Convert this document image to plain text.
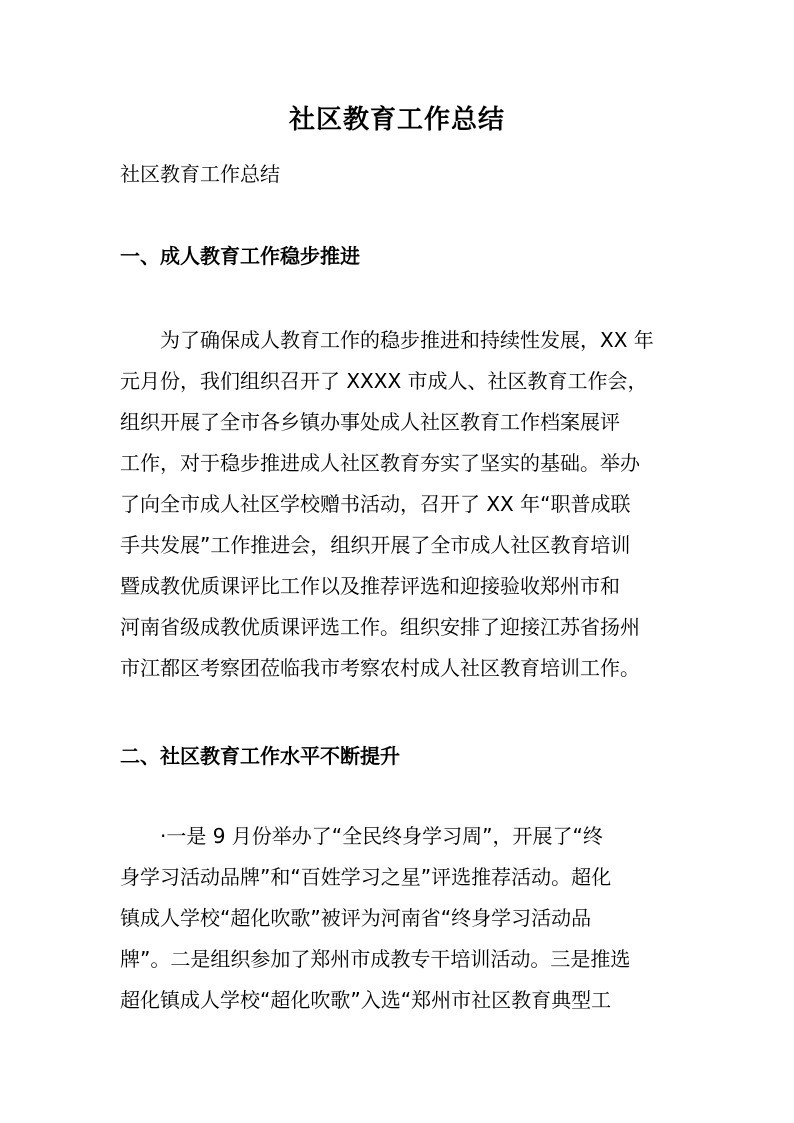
社区教育工作总结

社区教育工作总结

一、成人教育工作稳步推进
为了确保成人教育工作的稳步推进和持续性发展，XX 年
元月份，我们组织召开了 XXXX 市成人、社区教育工作会，
组织开展了全市各乡镇办事处成人社区教育工作档案展评
工作，对于稳步推进成人社区教育夯实了坚实的基础。举办
了向全市成人社区学校赠书活动，召开了 XX 年“职普成联
手共发展”工作推进会，组织开展了全市成人社区教育培训
暨成教优质课评比工作以及推荐评选和迎接验收郑州市和
河南省级成教优质课评选工作。组织安排了迎接江苏省扬州
市江都区考察团莅临我市考察农村成人社区教育培训工作。
二、社区教育工作水平不断提升
·一是 9 月份举办了“全民终身学习周”，开展了“终
身学习活动品牌”和“百姓学习之星”评选推荐活动。超化
镇成人学校“超化吹歌”被评为河南省“终身学习活动品
牌”。二是组织参加了郑州市成教专干培训活动。三是推选
超化镇成人学校“超化吹歌”入选“郑州市社区教育典型工
